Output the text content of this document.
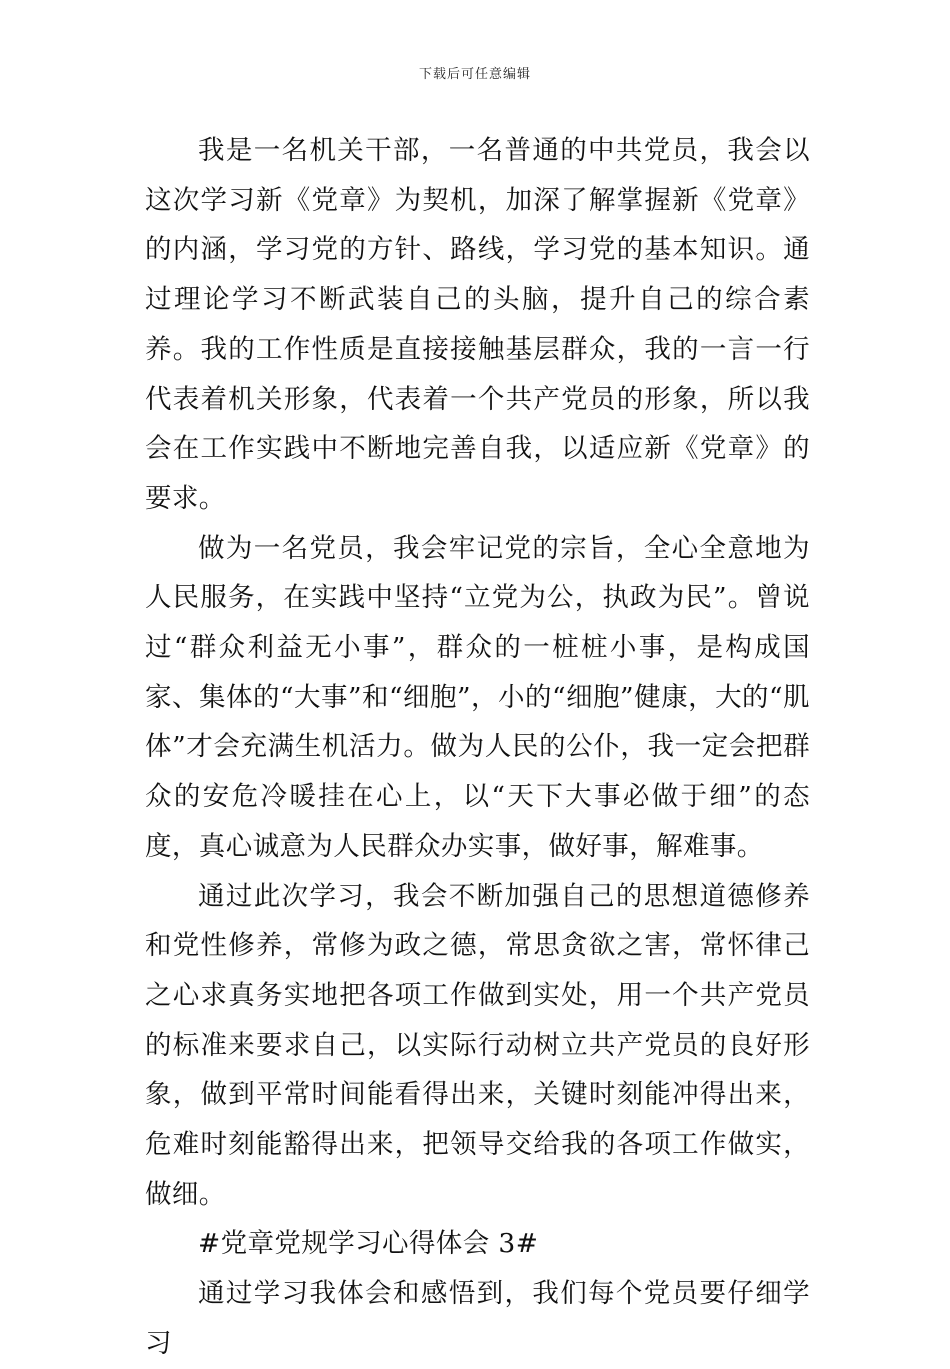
下载后可任意编辑

我是一名机关干部，一名普通的中共党员，我会以这次学习新《党章》为契机，加深了解掌握新《党章》的内涵，学习党的方针、路线，学习党的基本知识。通过理论学习不断武装自己的头脑，提升自己的综合素养。我的工作性质是直接接触基层群众，我的一言一行代表着机关形象，代表着一个共产党员的形象，所以我会在工作实践中不断地完善自我，以适应新《党章》的要求。

做为一名党员，我会牢记党的宗旨，全心全意地为人民服务，在实践中坚持“立党为公，执政为民”。曾说过“群众利益无小事”，群众的一桩桩小事，是构成国家、集体的“大事”和“细胞”，小的“细胞”健康，大的“肌体”才会充满生机活力。做为人民的公仆，我一定会把群众的安危冷暖挂在心上，以“天下大事必做于细”的态度，真心诚意为人民群众办实事，做好事，解难事。

通过此次学习，我会不断加强自己的思想道德修养和党性修养，常修为政之德，常思贪欲之害，常怀律己之心求真务实地把各项工作做到实处，用一个共产党员的标准来要求自己，以实际行动树立共产党员的良好形象，做到平常时间能看得出来，关键时刻能冲得出来，危难时刻能豁得出来，把领导交给我的各项工作做实，做细。

#党章党规学习心得体会 3#

通过学习我体会和感悟到，我们每个党员要仔细学习
